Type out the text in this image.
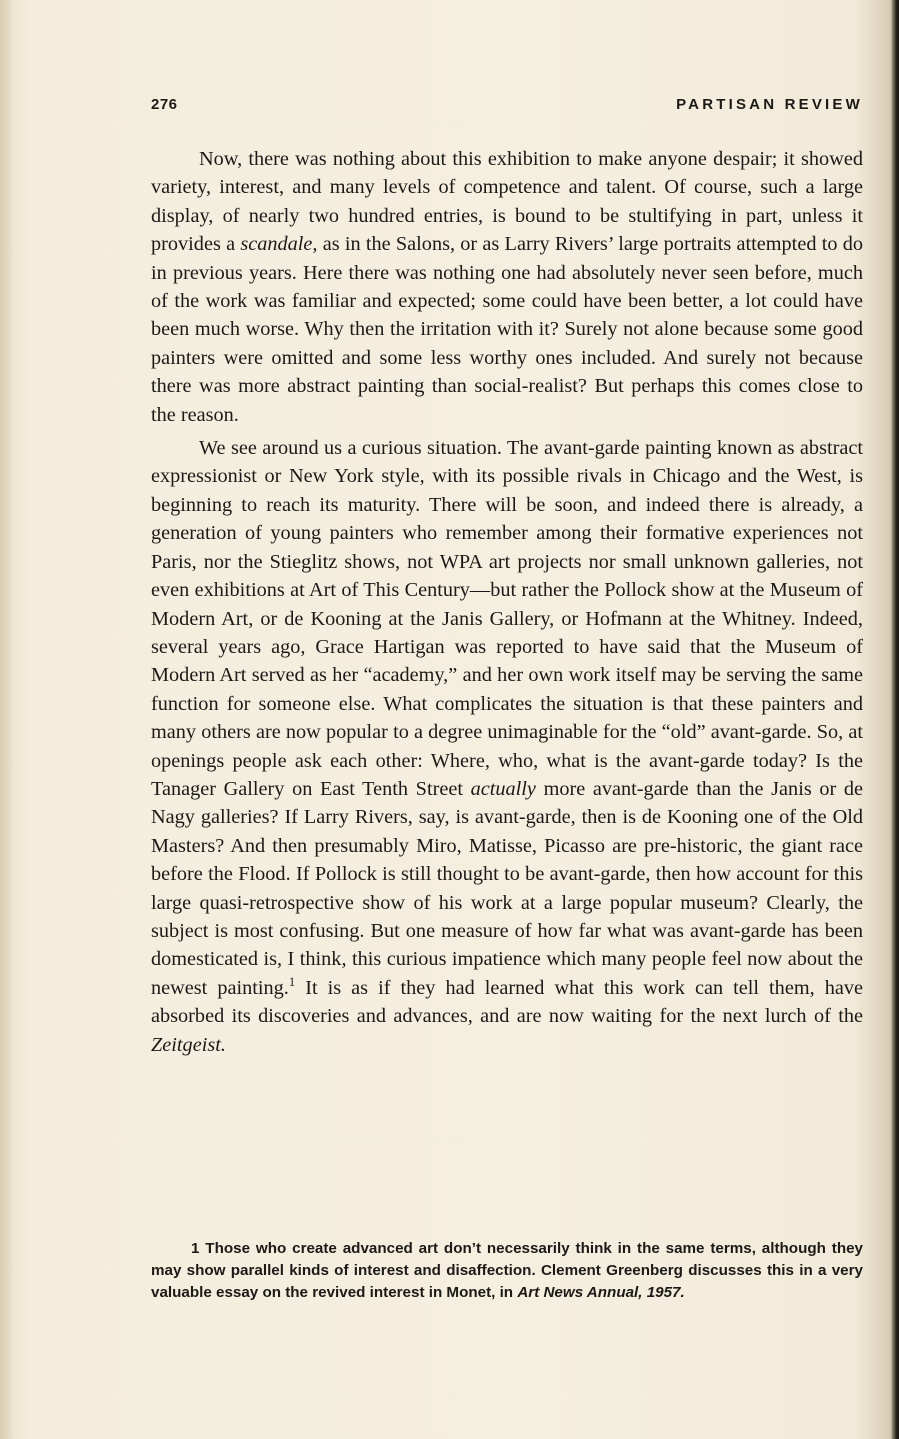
276	PARTISAN REVIEW

Now, there was nothing about this exhibition to make anyone despair; it showed variety, interest, and many levels of competence and talent. Of course, such a large display, of nearly two hundred entries, is bound to be stultifying in part, unless it provides a scandale, as in the Salons, or as Larry Rivers’ large portraits attempted to do in previous years. Here there was nothing one had absolutely never seen before, much of the work was familiar and expected; some could have been better, a lot could have been much worse. Why then the irritation with it? Surely not alone because some good painters were omitted and some less worthy ones included. And surely not because there was more abstract painting than social-realist? But perhaps this comes close to the reason.

We see around us a curious situation. The avant-garde painting known as abstract expressionist or New York style, with its possible rivals in Chicago and the West, is beginning to reach its maturity. There will be soon, and indeed there is already, a generation of young painters who remember among their formative experiences not Paris, nor the Stieglitz shows, not WPA art projects nor small unknown galleries, not even exhibitions at Art of This Century—but rather the Pollock show at the Museum of Modern Art, or de Kooning at the Janis Gallery, or Hofmann at the Whitney. Indeed, several years ago, Grace Hartigan was reported to have said that the Museum of Modern Art served as her “academy,” and her own work itself may be serving the same function for someone else. What complicates the situation is that these painters and many others are now popular to a degree unimaginable for the “old” avant-garde. So, at openings people ask each other: Where, who, what is the avant-garde today? Is the Tanager Gallery on East Tenth Street actually more avant-garde than the Janis or de Nagy galleries? If Larry Rivers, say, is avant-garde, then is de Kooning one of the Old Masters? And then presumably Miro, Matisse, Picasso are pre-historic, the giant race before the Flood. If Pollock is still thought to be avant-garde, then how account for this large quasi-retrospective show of his work at a large popular museum? Clearly, the subject is most confusing. But one measure of how far what was avant-garde has been domesticated is, I think, this curious impatience which many people feel now about the newest painting.$^1$ It is as if they had learned what this work can tell them, have absorbed its discoveries and advances, and are now waiting for the next lurch of the Zeitgeist.

1 Those who create advanced art don’t necessarily think in the same terms, although they may show parallel kinds of interest and disaffection. Clement Greenberg discusses this in a very valuable essay on the revived interest in Monet, in Art News Annual, 1957.
